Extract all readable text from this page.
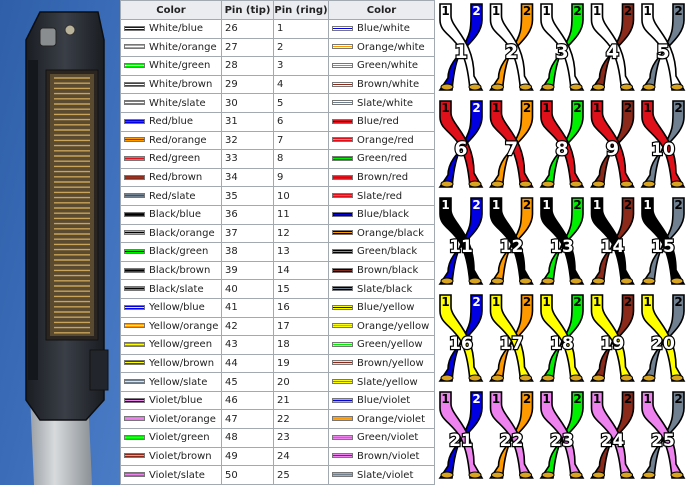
Color	Pin (tip)	Pin (ring)	Color
White/blue	26	1	Blue/white
White/orange	27	2	Orange/white
White/green	28	3	Green/white
White/brown	29	4	Brown/white
White/slate	30	5	Slate/white
Red/blue	31	6	Blue/red
Red/orange	32	7	Orange/red
Red/green	33	8	Green/red
Red/brown	34	9	Brown/red
Red/slate	35	10	Slate/red
Black/blue	36	11	Blue/black
Black/orange	37	12	Orange/black
Black/green	38	13	Green/black
Black/brown	39	14	Brown/black
Black/slate	40	15	Slate/black
Yellow/blue	41	16	Blue/yellow
Yellow/orange	42	17	Orange/yellow
Yellow/green	43	18	Green/yellow
Yellow/brown	44	19	Brown/yellow
Yellow/slate	45	20	Slate/yellow
Violet/blue	46	21	Blue/violet
Violet/orange	47	22	Orange/violet
Violet/green	48	23	Green/violet
Violet/brown	49	24	Brown/violet
Violet/slate	50	25	Slate/violet
1 2
1
1 2
2
1 2
3
1 2
4
1 2
5
1 2
6
1 2
7
1 2
8
1 2
9
1 2
10
1 2
11
1 2
12
1 2
13
1 2
14
1 2
15
1 2
16
1 2
17
1 2
18
1 2
19
1 2
20
1 2
21
1 2
22
1 2
23
1 2
24
1 2
25
